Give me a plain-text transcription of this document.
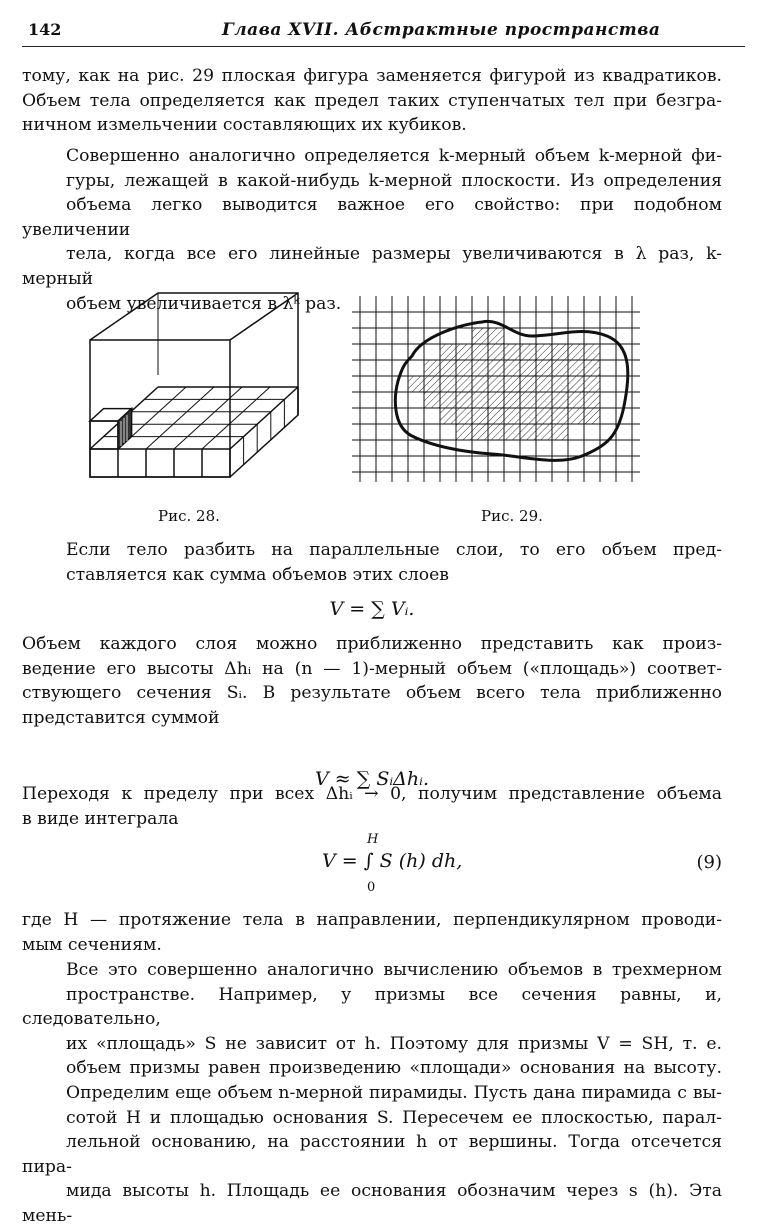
142	Глава XVII. Абстрактные пространства

тому, как на рис. 29 плоская фигура заменяется фигурой из квадратиков.
Объем тела определяется как предел таких ступенчатых тел при безгра-
ничном измельчении составляющих их кубиков.

Совершенно аналогично определяется k-мерный объем k-мерной фи-
гуры, лежащей в какой-нибудь k-мерной плоскости. Из определения
объема легко выводится важное его свойство: при подобном увеличении
тела, когда все его линейные размеры увеличиваются в λ раз, k-мерный
объем увеличивается в λᵏ раз.

Рис. 28.	Рис. 29.

Если тело разбить на параллельные слои, то его объем пред-
ставляется как сумма объемов этих слоев

V = ∑ Vᵢ.

Объем каждого слоя можно приближенно представить как произ-
ведение его высоты Δhᵢ на (n — 1)-мерный объем («площадь») соответ-
ствующего сечения Sᵢ. В результате объем всего тела приближенно
представится суммой

V ≈ ∑ SᵢΔhᵢ.

Переходя к пределу при всех Δhᵢ → 0, получим представление объема
в виде интеграла

H
V = ∫ S (h) dh,
0
(9)

где H — протяжение тела в направлении, перпендикулярном проводи-
мым сечениям.

Все это совершенно аналогично вычислению объемов в трехмерном
пространстве. Например, у призмы все сечения равны, и, следовательно,
их «площадь» S не зависит от h. Поэтому для призмы V = SH, т. е.
объем призмы равен произведению «площади» основания на высоту.
Определим еще объем n-мерной пирамиды. Пусть дана пирамида с вы-
сотой H и площадью основания S. Пересечем ее плоскостью, парал-
лельной основанию, на расстоянии h от вершины. Тогда отсечется пира-
мида высоты h. Площадь ее основания обозначим через s (h). Эта мень-
